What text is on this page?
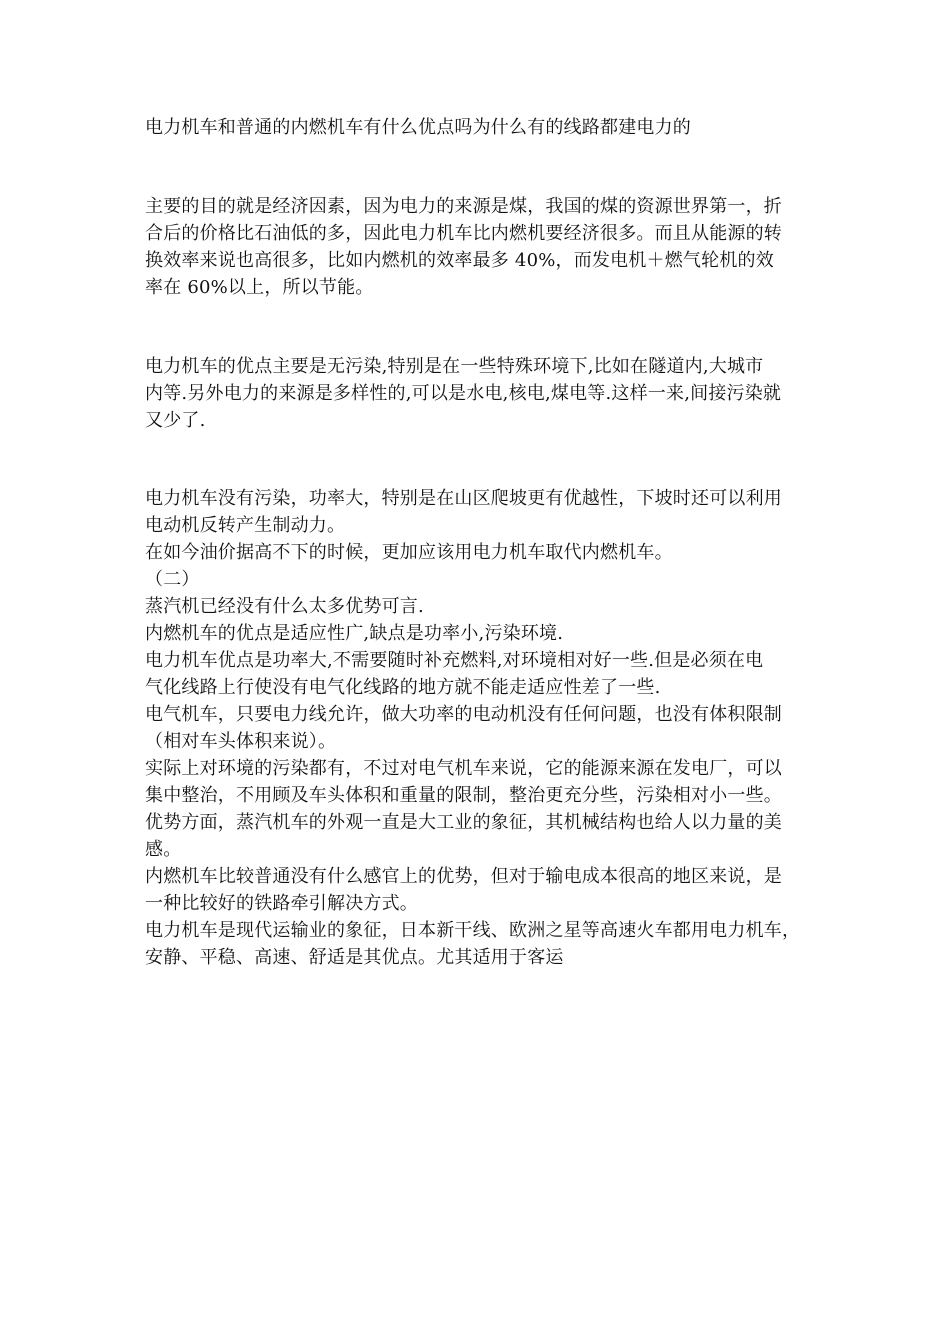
电力机车和普通的内燃机车有什么优点吗为什么有的线路都建电力的
主要的目的就是经济因素，因为电力的来源是煤，我国的煤的资源世界第一，折
合后的价格比石油低的多，因此电力机车比内燃机要经济很多。而且从能源的转
换效率来说也高很多，比如内燃机的效率最多 40%，而发电机＋燃气轮机的效
率在 60%以上，所以节能。
电力机车的优点主要是无污染,特别是在一些特殊环境下,比如在隧道内,大城市
内等.另外电力的来源是多样性的,可以是水电,核电,煤电等.这样一来,间接污染就
又少了.
电力机车没有污染，功率大，特别是在山区爬坡更有优越性，下坡时还可以利用
电动机反转产生制动力。
在如今油价据高不下的时候，更加应该用电力机车取代内燃机车。
（二）
蒸汽机已经没有什么太多优势可言.
内燃机车的优点是适应性广,缺点是功率小,污染环境.
电力机车优点是功率大,不需要随时补充燃料,对环境相对好一些.但是必须在电
气化线路上行使没有电气化线路的地方就不能走适应性差了一些.
电气机车，只要电力线允许，做大功率的电动机没有任何问题，也没有体积限制
（相对车头体积来说）。
实际上对环境的污染都有，不过对电气机车来说，它的能源来源在发电厂，可以
集中整治，不用顾及车头体积和重量的限制，整治更充分些，污染相对小一些。
优势方面，蒸汽机车的外观一直是大工业的象征，其机械结构也给人以力量的美
感。
内燃机车比较普通没有什么感官上的优势，但对于输电成本很高的地区来说，是
一种比较好的铁路牵引解决方式。
电力机车是现代运输业的象征，日本新干线、欧洲之星等高速火车都用电力机车，
安静、平稳、高速、舒适是其优点。尤其适用于客运
